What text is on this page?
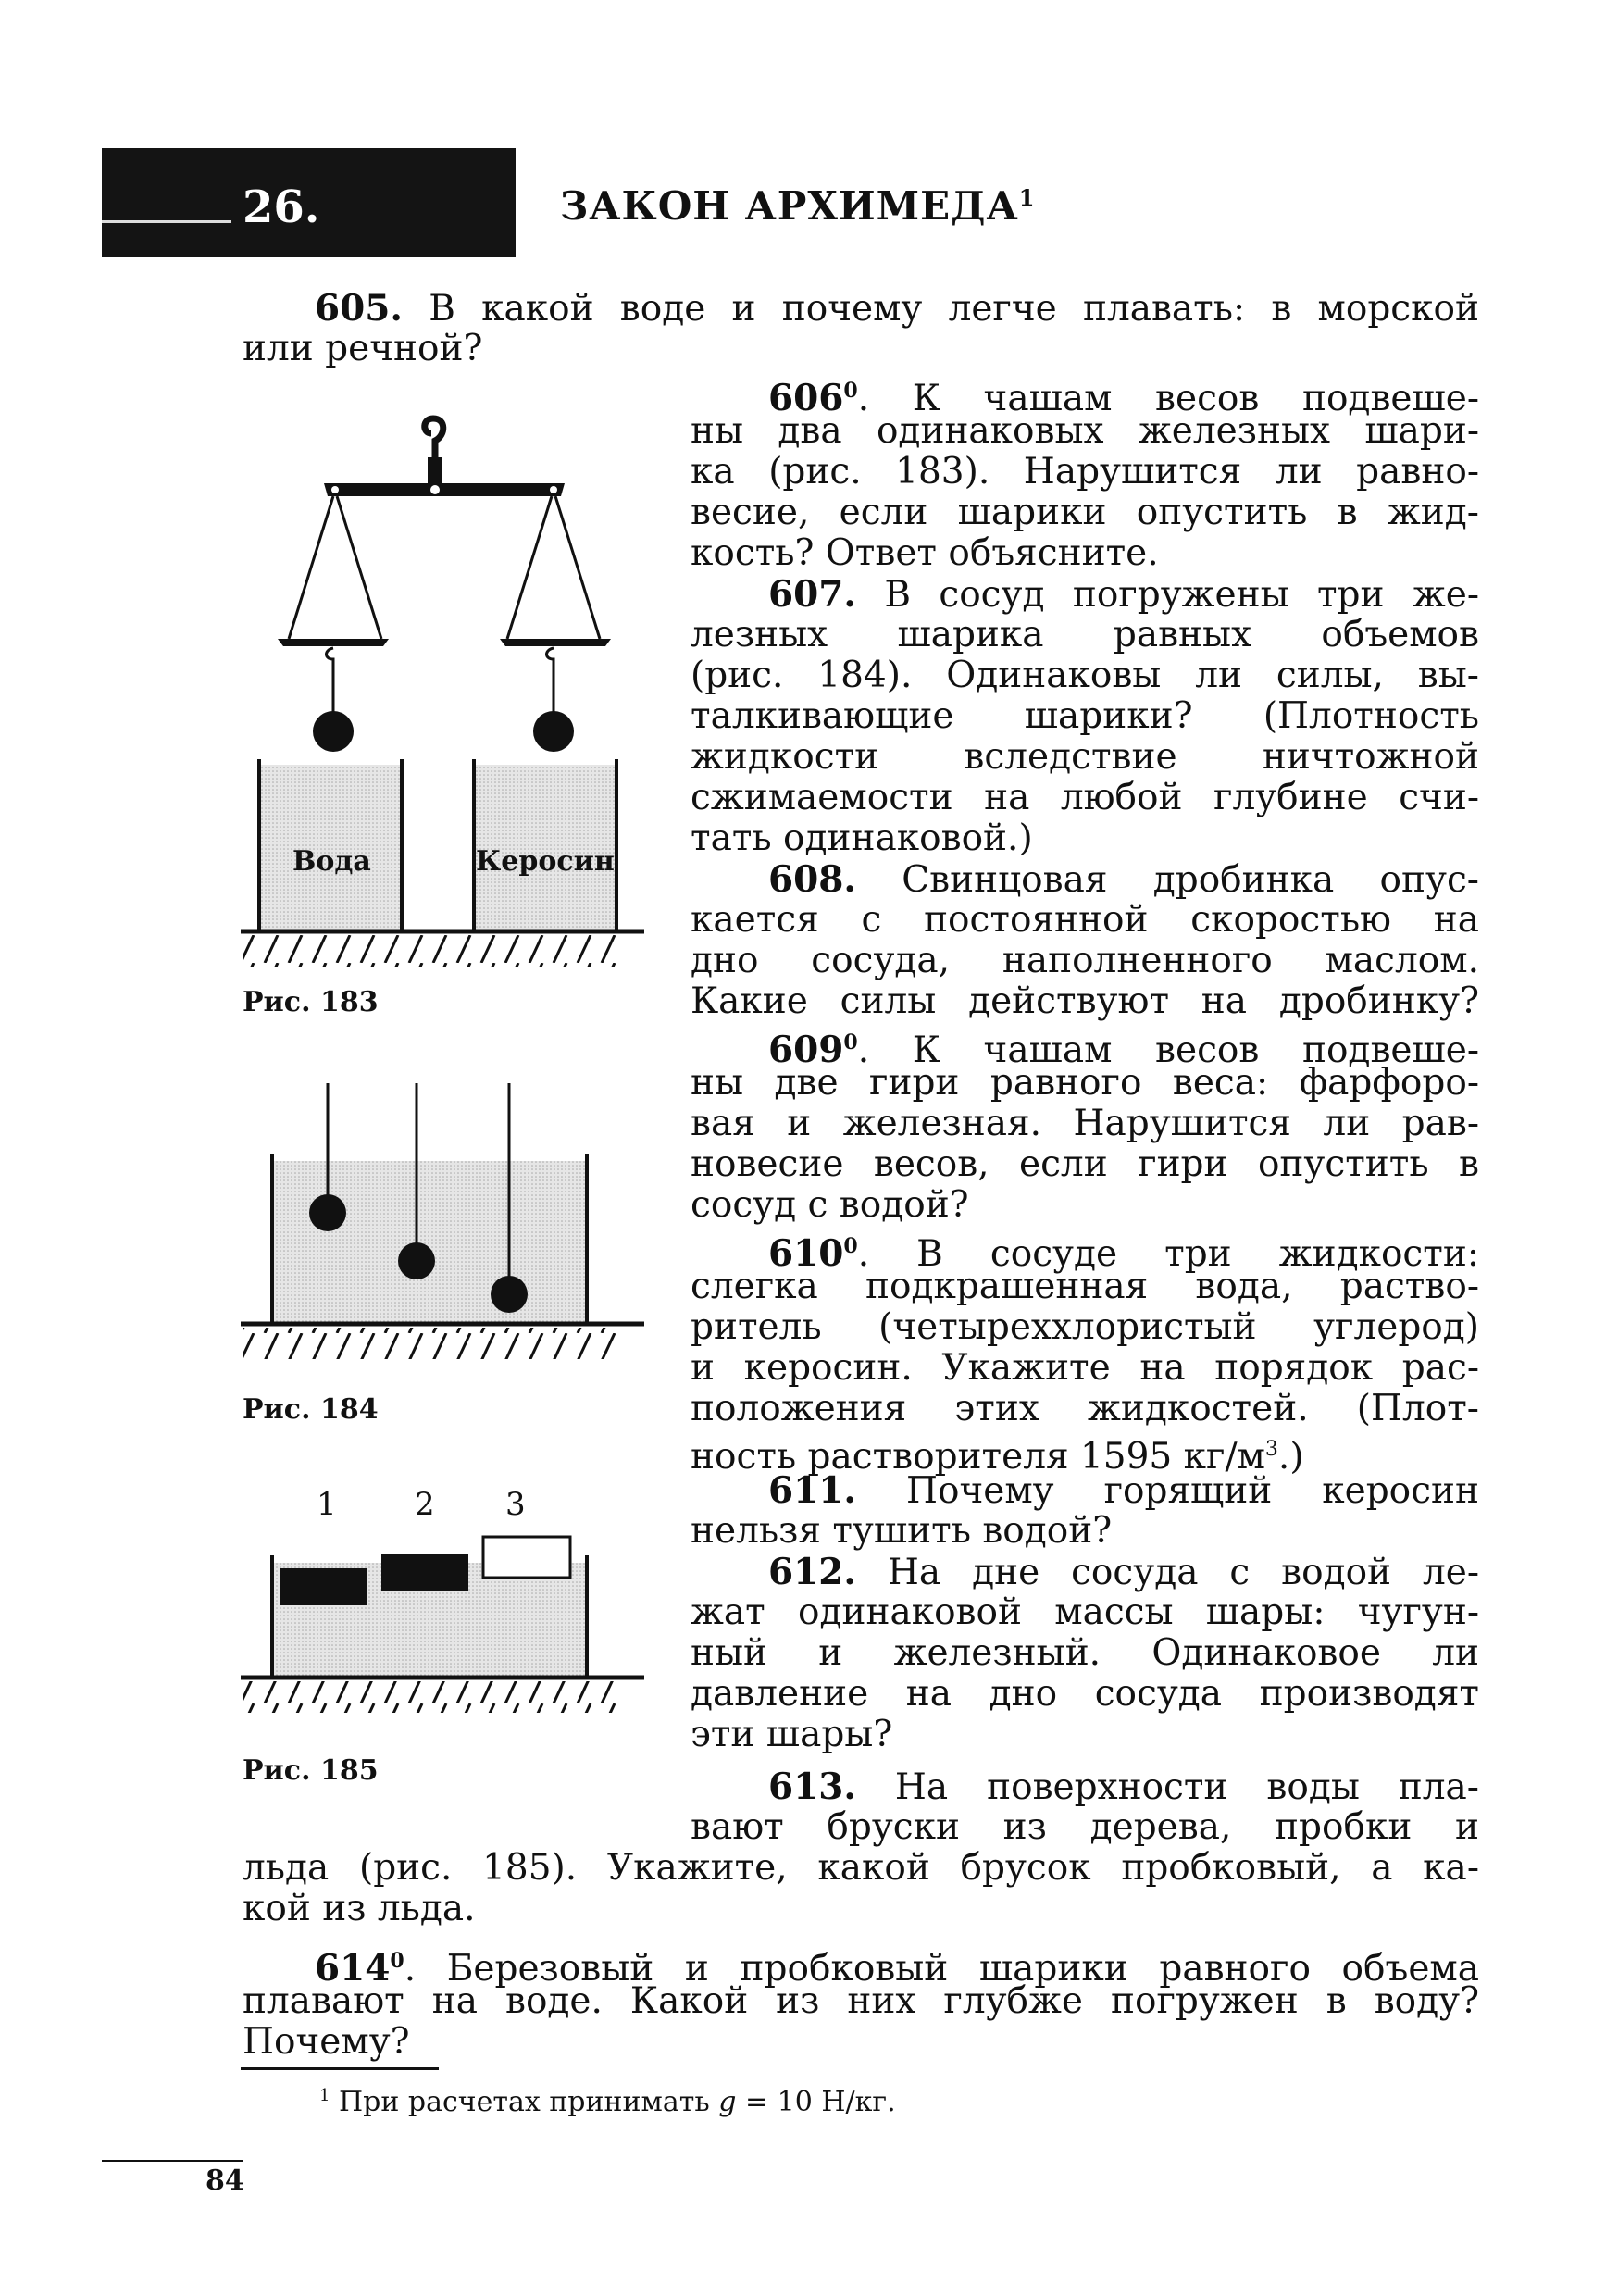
26.	ЗАКОН АРХИМЕДА$^1$
605. В какой воде и почему легче плавать: в морской
или речной?
$606^0$. К чашам весов подвеше-
ны два одинаковых железных шари-
ка (рис. 183). Нарушится ли равно-
весие, если шарики опустить в жид-
кость? Ответ объясните.
607. В сосуд погружены три же-
лезных шарика равных объемов
(рис. 184). Одинаковы ли силы, вы-
талкивающие шарики? (Плотность
жидкости вследствие ничтожной
сжимаемости на любой глубине счи-
тать одинаковой.)
608. Свинцовая дробинка опус-
кается с постоянной скоростью на
дно сосуда, наполненного маслом.
Какие силы действуют на дробинку?
$609^0$. К чашам весов подвеше-
ны две гири равного веса: фарфоро-
вая и железная. Нарушится ли рав-
новесие весов, если гири опустить в
сосуд с водой?
$610^0$. В сосуде три жидкости:
слегка подкрашенная вода, раство-
ритель (четыреххлористый углерод)
и керосин. Укажите на порядок рас-
положения этих жидкостей. (Плот-
ность растворителя 1595 $кг/м^3$.)
611. Почему горящий керосин
нельзя тушить водой?
612. На дне сосуда с водой ле-
жат одинаковой массы шары: чугун-
ный и железный. Одинаковое ли
давление на дно сосуда производят
эти шары?
613. На поверхности воды пла-
вают бруски из дерева, пробки и
льда (рис. 185). Укажите, какой брусок пробковый, а ка-
кой из льда.
$614^0$. Березовый и пробковый шарики равного объема
плавают на воде. Какой из них глубже погружен в воду?
Почему?
Вода	Керосин
Рис. 183
Рис. 184
1 2 3
Рис. 185
$^1$ При расчетах принимать g = 10 Н/кг.
84
